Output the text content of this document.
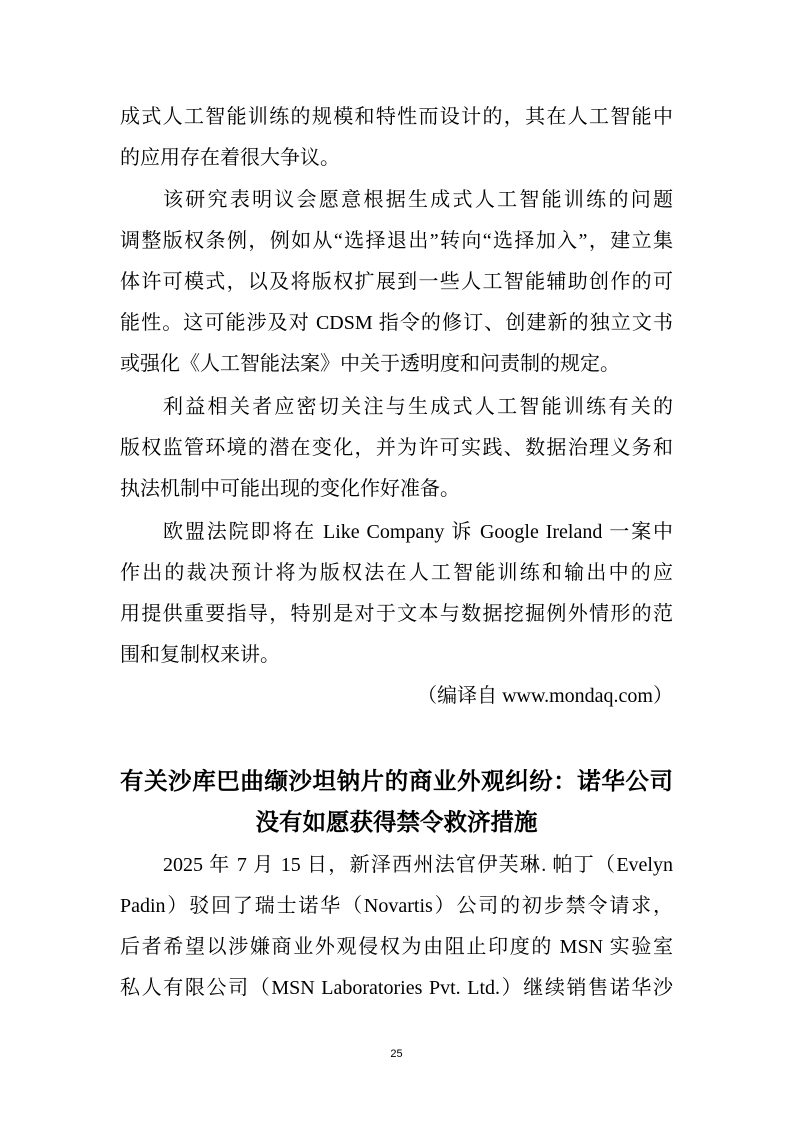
成式人工智能训练的规模和特性而设计的，其在人工智能中
的应用存在着很大争议。
该研究表明议会愿意根据生成式人工智能训练的问题
调整版权条例，例如从“选择退出”转向“选择加入”，建立集
体许可模式，以及将版权扩展到一些人工智能辅助创作的可
能性。这可能涉及对 CDSM 指令的修订、创建新的独立文书
或强化《人工智能法案》中关于透明度和问责制的规定。
利益相关者应密切关注与生成式人工智能训练有关的
版权监管环境的潜在变化，并为许可实践、数据治理义务和
执法机制中可能出现的变化作好准备。
欧盟法院即将在 Like Company 诉 Google Ireland 一案中
作出的裁决预计将为版权法在人工智能训练和输出中的应
用提供重要指导，特别是对于文本与数据挖掘例外情形的范
围和复制权来讲。
（编译自 www.mondaq.com）
有关沙库巴曲缬沙坦钠片的商业外观纠纷：诺华公司
没有如愿获得禁令救济措施
2025 年 7 月 15 日，新泽西州法官伊芙琳. 帕丁（Evelyn
Padin）驳回了瑞士诺华（Novartis）公司的初步禁令请求，
后者希望以涉嫌商业外观侵权为由阻止印度的 MSN 实验室
私人有限公司（MSN Laboratories Pvt. Ltd.）继续销售诺华沙
25
